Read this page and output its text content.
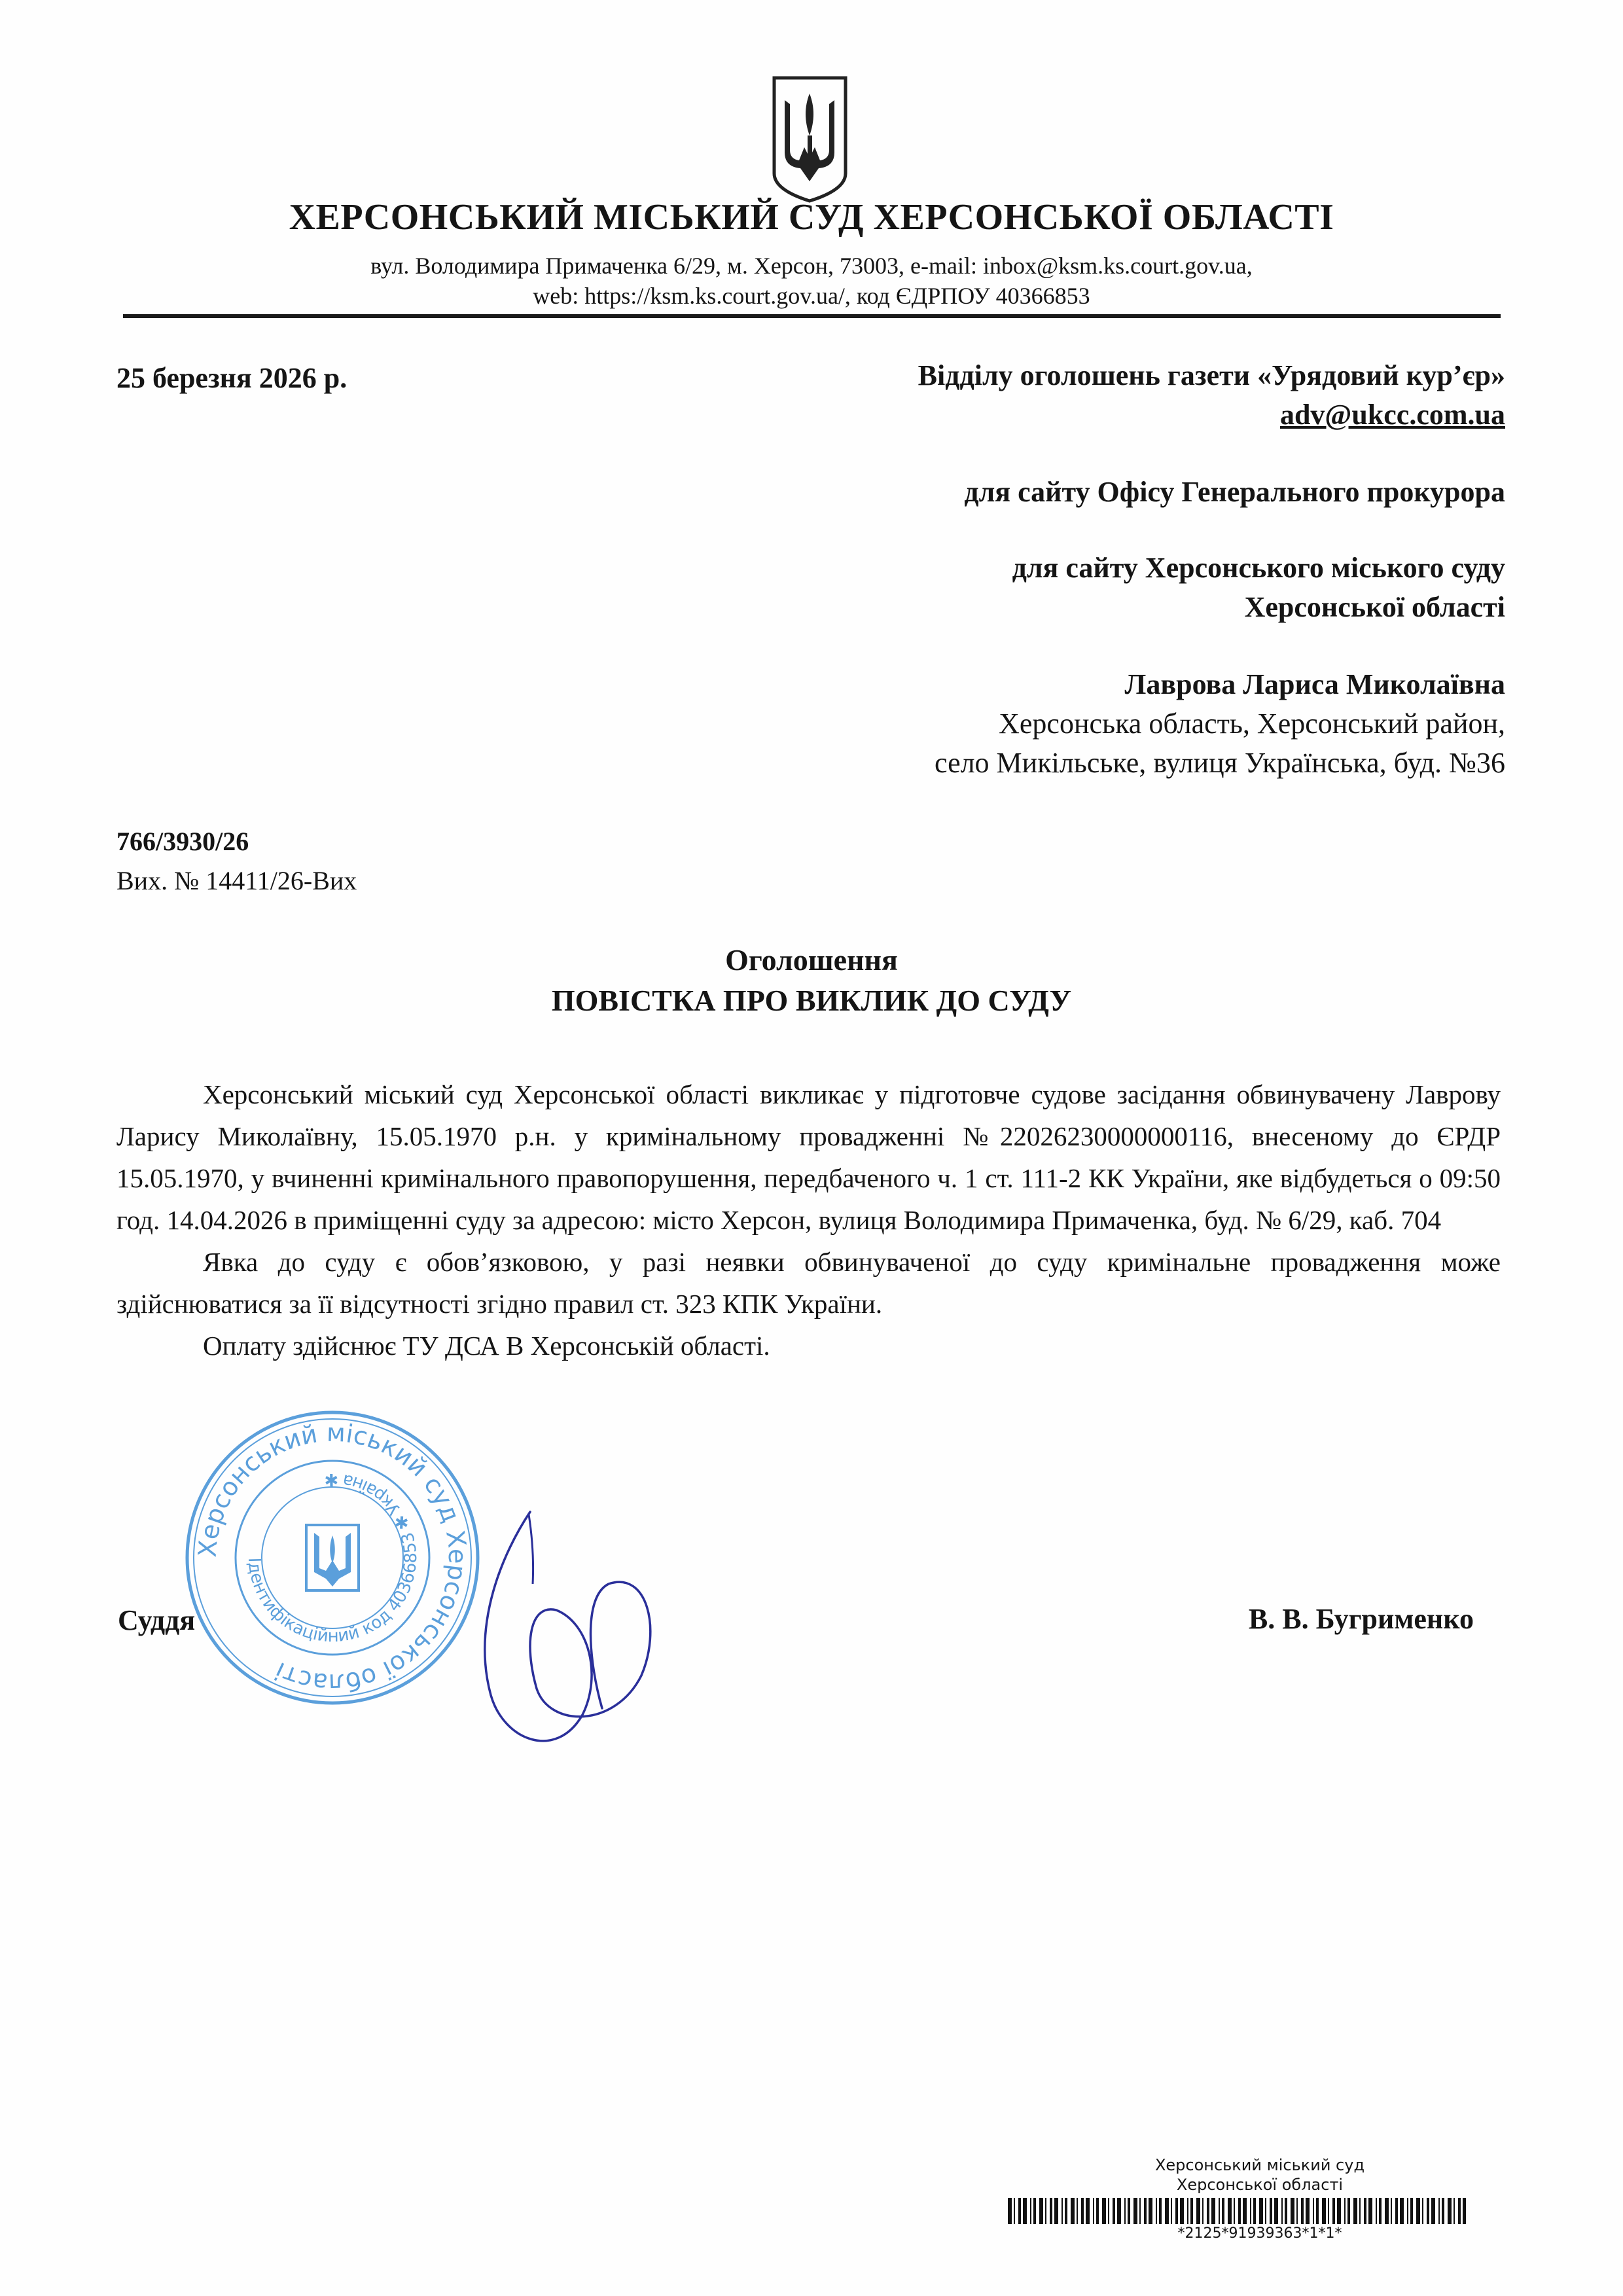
ХЕРСОНСЬКИЙ МІСЬКИЙ СУД ХЕРСОНСЬКОЇ ОБЛАСТІ
вул. Володимира Примаченка 6/29, м. Херсон, 73003, e-mail: inbox@ksm.ks.court.gov.ua,
web: https://ksm.ks.court.gov.ua/, код ЄДРПОУ 40366853
25 березня 2026 р.	Відділу оголошень газети «Урядовий кур’єр»
adv@ukcc.com.ua
для сайту Офісу Генерального прокурора
для сайту Херсонського міського суду
Херсонської області
Лаврова Лариса Миколаївна
Херсонська область, Херсонський район,
село Микільське, вулиця Українська, буд. №36
766/3930/26
Вих. № 14411/26-Вих
Оголошення
ПОВІСТКА ПРО ВИКЛИК ДО СУДУ
Херсонський міський суд Херсонської області викликає у підготовче судове засідання обвинувачену Лаврову Ларису Миколаївну, 15.05.1970 р.н. у кримінальному провадженні №22026230000000116, внесеному до ЄРДР 15.05.1970, у вчиненні кримінального правопорушення, передбаченого ч. 1 ст. 111-2 КК України, яке відбудеться о 09:50 год. 14.04.2026 в приміщенні суду за адресою: місто Херсон, вулиця Володимира Примаченка, буд. № 6/29, каб. 704
Явка до суду є обов’язковою, у разі неявки обвинуваченої до суду кримінальне провадження може здійснюватися за її відсутності згідно правил ст. 323 КПК України.
Оплату здійснює ТУ ДСА В Херсонській області.
Херсонський міський суд Херсонської області
Ідентифікаційний код 40366853 ✱ Україна ✱
Суддя	В. В. Бугрименко
Херсонський міський суд
Херсонської області
*2125*91939363*1*1*
